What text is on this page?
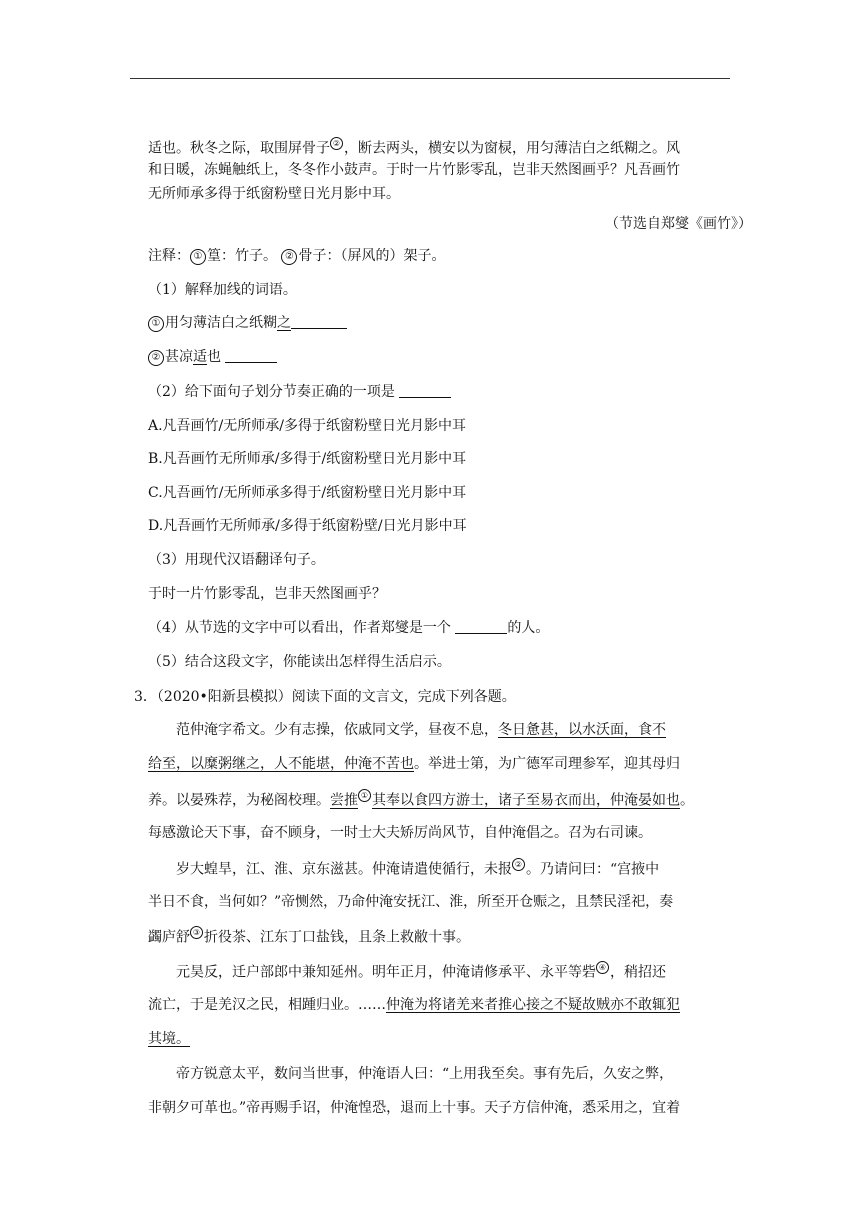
适也。秋冬之际，取围屏骨子 ② ，断去两头，横安以为窗棂，用匀薄洁白之纸糊之。风
和日暖，冻蝇触纸上，冬冬作小鼓声。于时一片竹影零乱，岂非天然图画乎？凡吾画竹
无所师承多得于纸窗粉壁日光月影中耳。
（节选自郑燮《画竹》）
注释： ① 篁：竹子。 ② 骨子：（屏风的）架子。
（1）解释加线的词语。
① 用匀薄洁白之纸糊之
② 甚凉适也
（2）给下面句子划分节奏正确的一项是
A.凡吾画竹/无所师承/多得于纸窗粉壁日光月影中耳
B.凡吾画竹无所师承/多得于/纸窗粉壁日光月影中耳
C.凡吾画竹/无所师承多得于/纸窗粉壁日光月影中耳
D.凡吾画竹无所师承/多得于纸窗粉壁/日光月影中耳
（3）用现代汉语翻译句子。
于时一片竹影零乱，岂非天然图画乎？
（4）从节选的文字中可以看出，作者郑燮是一个	的人。
（5）结合这段文字，你能读出怎样得生活启示。
3．（2020•阳新县模拟）阅读下面的文言文，完成下列各题。
范仲淹字希文。少有志操，依戚同文学，昼夜不息，冬日惫甚，以水沃面，食不
给至，以糜粥继之，人不能堪，仲淹不苦也。举进士第，为广德军司理参军，迎其母归
养。以晏殊荐，为秘阁校理。尝推 ① 其奉以食四方游士，诸子至易衣而出，仲淹晏如也。
每感激论天下事，奋不顾身，一时士大夫矫厉尚风节，自仲淹倡之。召为右司谏。
岁大蝗旱，江、淮、京东滋甚。仲淹请遣使循行，未报 ② 。乃请问曰：“宫掖中
半日不食，当何如？”帝恻然，乃命仲淹安抚江、淮，所至开仓赈之，且禁民淫祀，奏
蠲庐舒 ③ 折役茶、江东丁口盐钱，且条上救敝十事。
元昊反，迁户部郎中兼知延州。明年正月，仲淹请修承平、永平等砦 ④ ，稍招还
流亡，于是羌汉之民，相踵归业。……仲淹为将诸羌来者推心接之不疑故贼亦不敢辄犯
其境。
帝方锐意太平，数问当世事，仲淹语人曰：“上用我至矣。事有先后，久安之弊，
非朝夕可革也。”帝再赐手诏，仲淹惶恐，退而上十事。天子方信仲淹，悉采用之，宜着
